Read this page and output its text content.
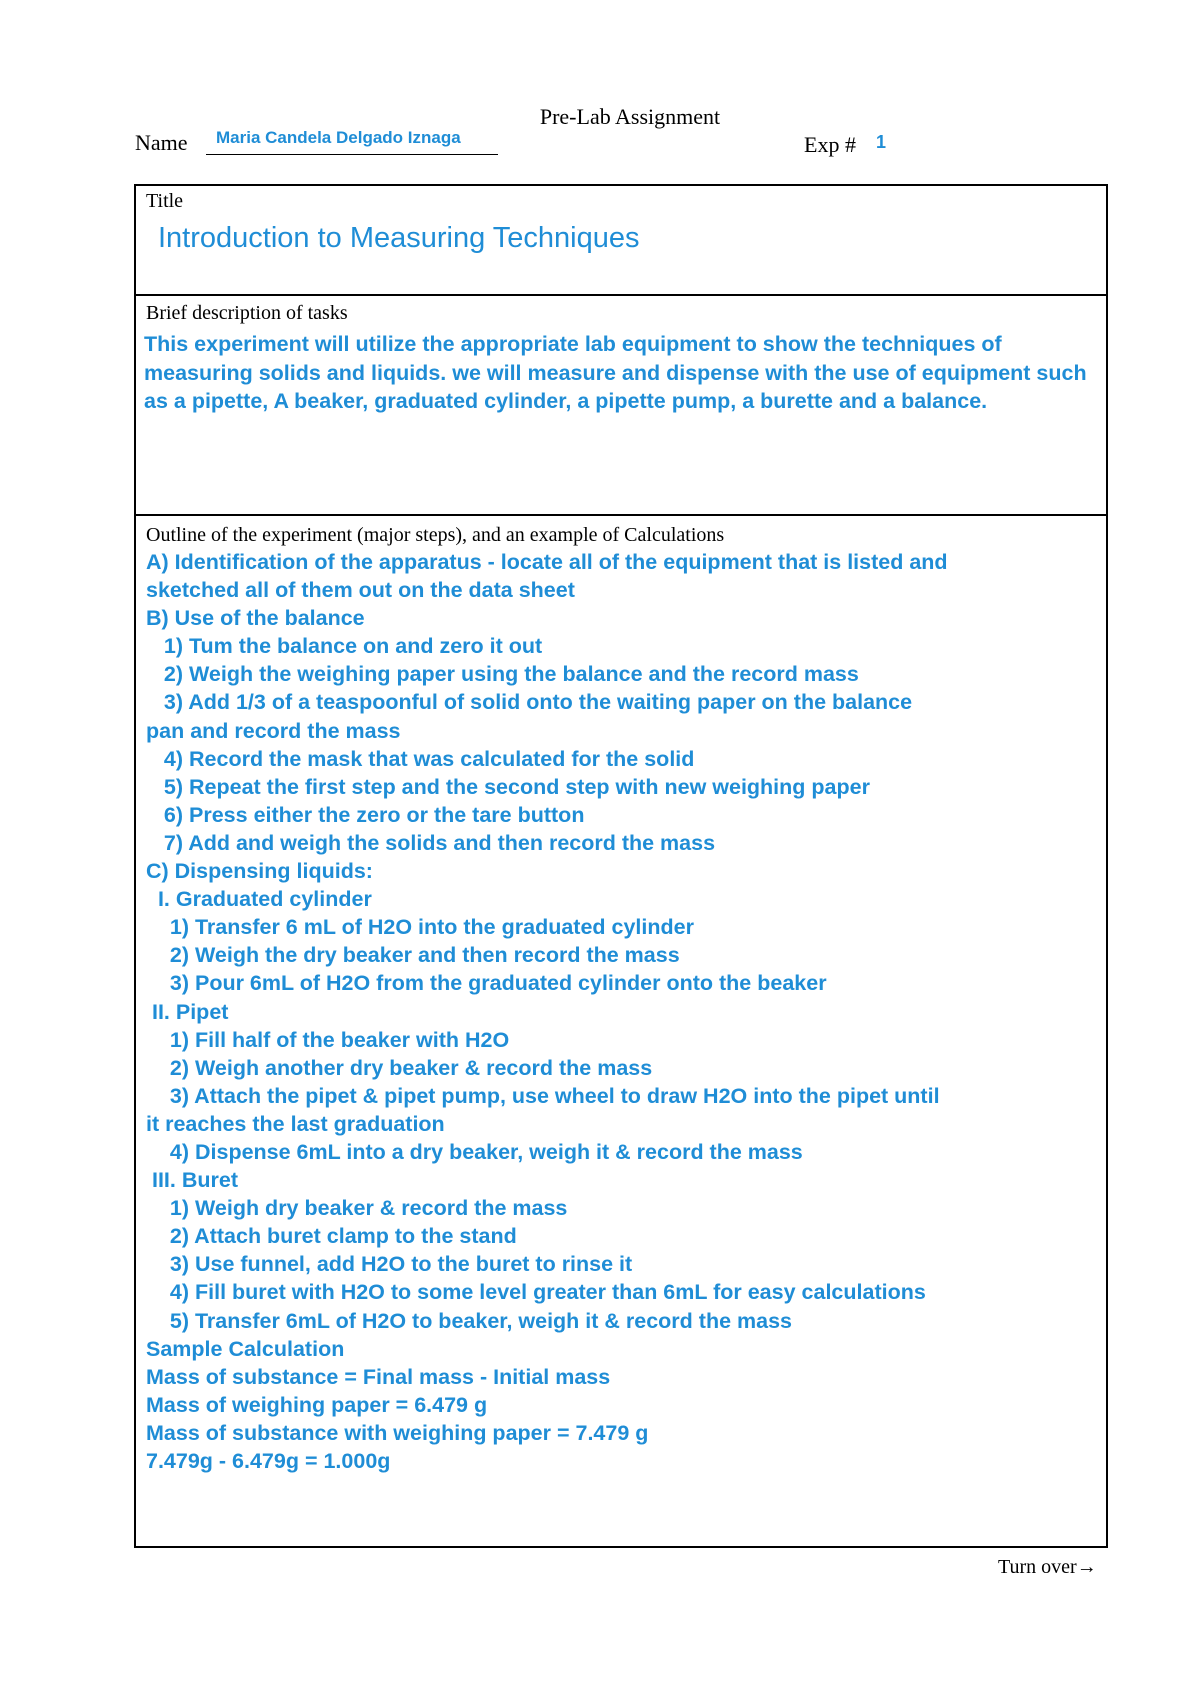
Pre-Lab Assignment
Name Maria Candela Delgado Iznaga	Exp # 1
Title
Introduction to Measuring Techniques
Brief description of tasks
This experiment will utilize the appropriate lab equipment to show the techniques of measuring solids and liquids. we will measure and dispense with the use of equipment such as a pipette, A beaker, graduated cylinder, a pipette pump, a burette and a balance.
Outline of the experiment (major steps), and an example of Calculations
A) Identification of the apparatus - locate all of the equipment that is listed and
sketched all of them out on the data sheet
B) Use of the balance
1) Tum the balance on and zero it out
2) Weigh the weighing paper using the balance and the record mass
3) Add 1/3 of a teaspoonful of solid onto the waiting paper on the balance
pan and record the mass
4) Record the mask that was calculated for the solid
5) Repeat the first step and the second step with new weighing paper
6) Press either the zero or the tare button
7) Add and weigh the solids and then record the mass
C) Dispensing liquids:
I. Graduated cylinder
1) Transfer 6 mL of H2O into the graduated cylinder
2) Weigh the dry beaker and then record the mass
3) Pour 6mL of H2O from the graduated cylinder onto the beaker
II. Pipet
1) Fill half of the beaker with H2O
2) Weigh another dry beaker & record the mass
3) Attach the pipet & pipet pump, use wheel to draw H2O into the pipet until
it reaches the last graduation
4) Dispense 6mL into a dry beaker, weigh it & record the mass
III. Buret
1) Weigh dry beaker & record the mass
2) Attach buret clamp to the stand
3) Use funnel, add H2O to the buret to rinse it
4) Fill buret with H2O to some level greater than 6mL for easy calculations
5) Transfer 6mL of H2O to beaker, weigh it & record the mass
Sample Calculation
Mass of substance = Final mass - Initial mass
Mass of weighing paper = 6.479 g
Mass of substance with weighing paper = 7.479 g
7.479g - 6.479g = 1.000g
Turn over→
